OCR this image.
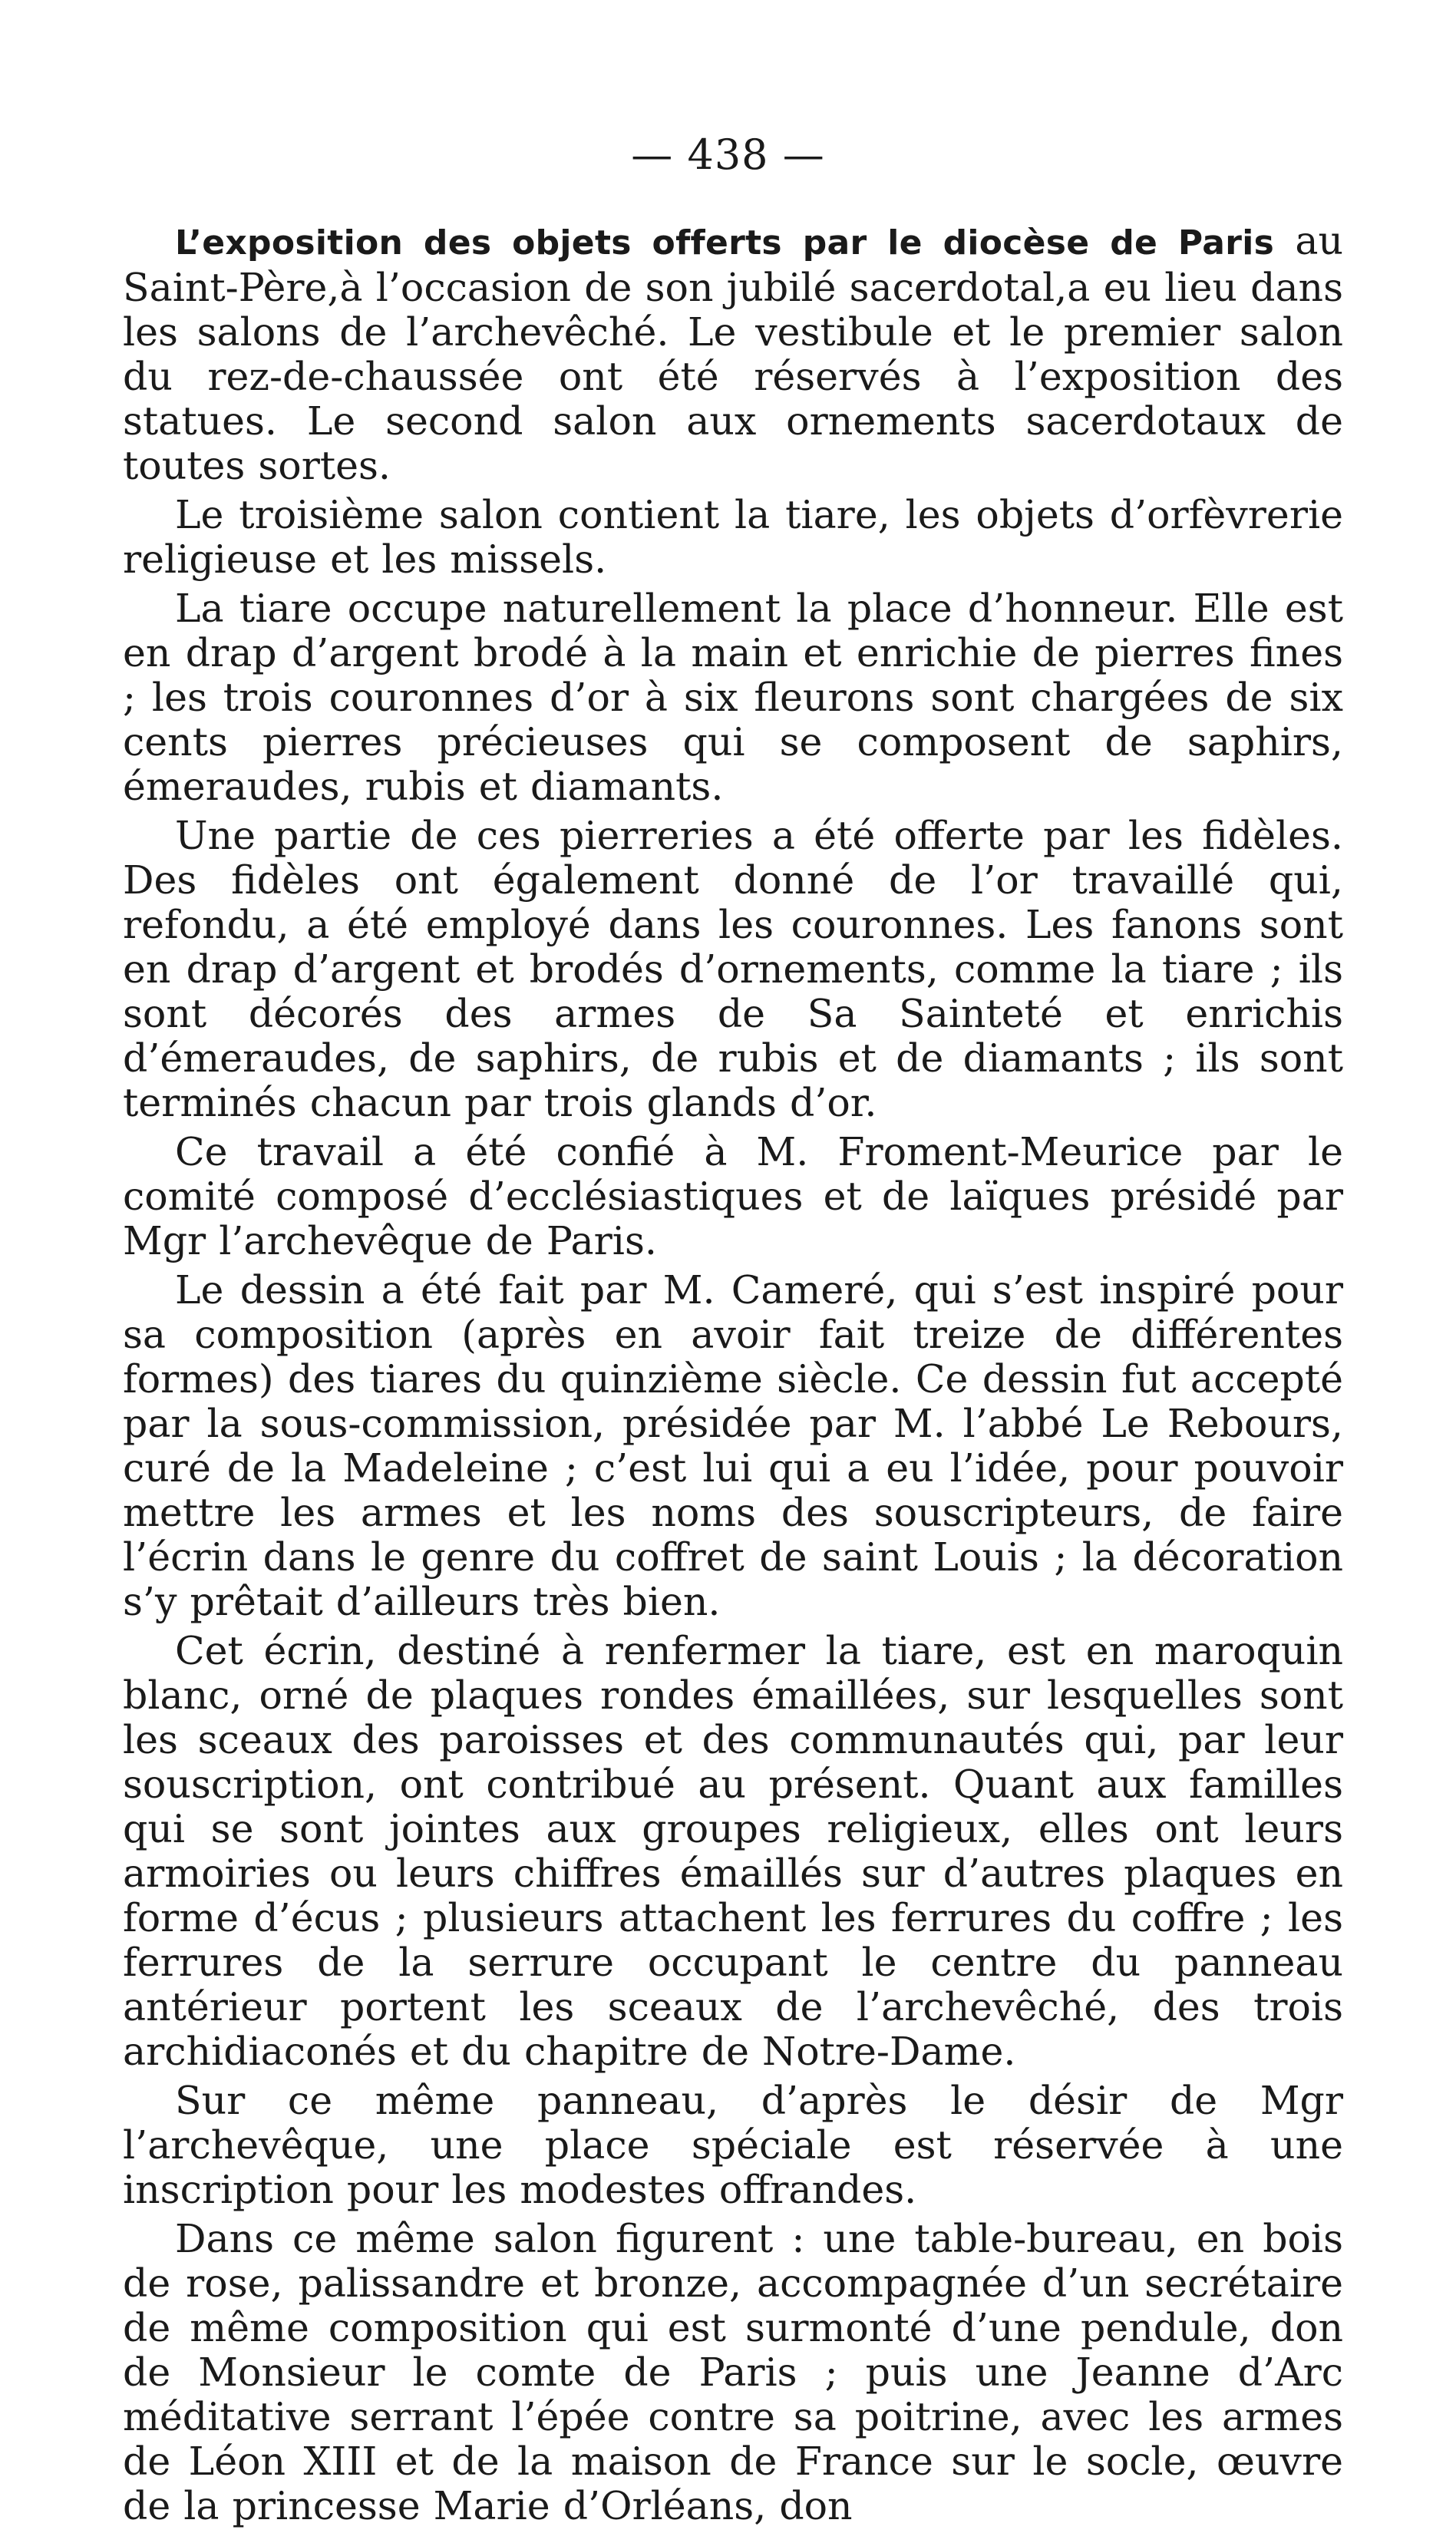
— 438 —

L’exposition des objets offerts par le diocèse de Paris au Saint-Père,à l’occasion de son jubilé sacerdotal,a eu lieu dans les salons de l’archevêché. Le vestibule et le premier salon du rez-de-chaussée ont été réservés à l’exposition des statues. Le second salon aux ornements sacerdotaux de toutes sortes.

Le troisième salon contient la tiare, les objets d’orfèvrerie religieuse et les missels.

La tiare occupe naturellement la place d’honneur. Elle est en drap d’argent brodé à la main et enrichie de pierres fines ; les trois couronnes d’or à six fleurons sont chargées de six cents pierres précieuses qui se composent de saphirs, émeraudes, rubis et diamants.

Une partie de ces pierreries a été offerte par les fidèles. Des fidèles ont également donné de l’or travaillé qui, refondu, a été employé dans les couronnes. Les fanons sont en drap d’argent et brodés d’ornements, comme la tiare ; ils sont décorés des armes de Sa Sainteté et enrichis d’émeraudes, de saphirs, de rubis et de diamants ; ils sont terminés chacun par trois glands d’or.

Ce travail a été confié à M. Froment-Meurice par le comité composé d’ecclésiastiques et de laïques présidé par Mgr l’archevêque de Paris.

Le dessin a été fait par M. Cameré, qui s’est inspiré pour sa composition (après en avoir fait treize de différentes formes) des tiares du quinzième siècle. Ce dessin fut accepté par la sous-commission, présidée par M. l’abbé Le Rebours, curé de la Madeleine ; c’est lui qui a eu l’idée, pour pouvoir mettre les armes et les noms des souscripteurs, de faire l’écrin dans le genre du coffret de saint Louis ; la décoration s’y prêtait d’ailleurs très bien.

Cet écrin, destiné à renfermer la tiare, est en maroquin blanc, orné de plaques rondes émaillées, sur lesquelles sont les sceaux des paroisses et des communautés qui, par leur souscription, ont contribué au présent. Quant aux familles qui se sont jointes aux groupes religieux, elles ont leurs armoiries ou leurs chiffres émaillés sur d’autres plaques en forme d’écus ; plusieurs attachent les ferrures du coffre ; les ferrures de la serrure occupant le centre du panneau antérieur portent les sceaux de l’archevêché, des trois archidiaconés et du chapitre de Notre-Dame.

Sur ce même panneau, d’après le désir de Mgr l’archevêque, une place spéciale est réservée à une inscription pour les modestes offrandes.

Dans ce même salon figurent : une table-bureau, en bois de rose, palissandre et bronze, accompagnée d’un secrétaire de même composition qui est surmonté d’une pendule, don de Monsieur le comte de Paris ; puis une Jeanne d’Arc méditative serrant l’épée contre sa poitrine, avec les armes de Léon XIII et de la maison de France sur le socle, œuvre de la princesse Marie d’Orléans, don
